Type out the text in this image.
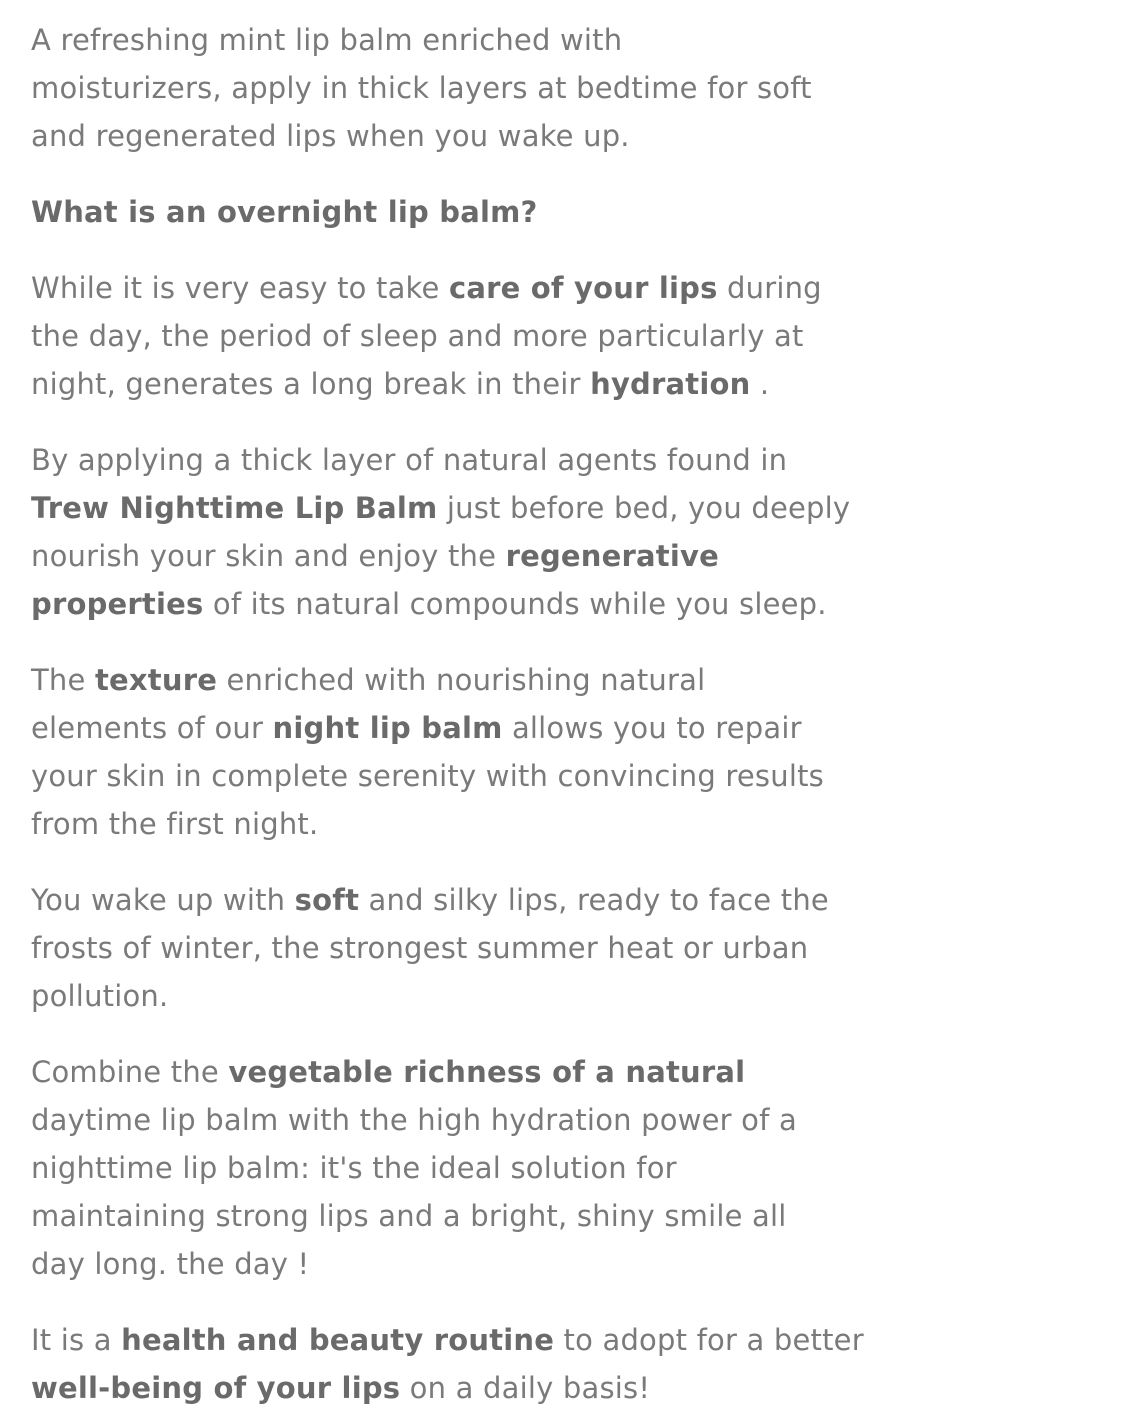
A refreshing mint lip balm enriched with
moisturizers, apply in thick layers at bedtime for soft
and regenerated lips when you wake up.

What is an overnight lip balm?

While it is very easy to take care of your lips during
the day, the period of sleep and more particularly at
night, generates a long break in their hydration .

By applying a thick layer of natural agents found in
Trew Nighttime Lip Balm just before bed, you deeply
nourish your skin and enjoy the regenerative
properties of its natural compounds while you sleep.

The texture enriched with nourishing natural
elements of our night lip balm allows you to repair
your skin in complete serenity with convincing results
from the first night.

You wake up with soft and silky lips, ready to face the
frosts of winter, the strongest summer heat or urban
pollution.

Combine the vegetable richness of a natural
daytime lip balm with the high hydration power of a
nighttime lip balm: it's the ideal solution for
maintaining strong lips and a bright, shiny smile all
day long. the day !

It is a health and beauty routine to adopt for a better
well-being of your lips on a daily basis!
